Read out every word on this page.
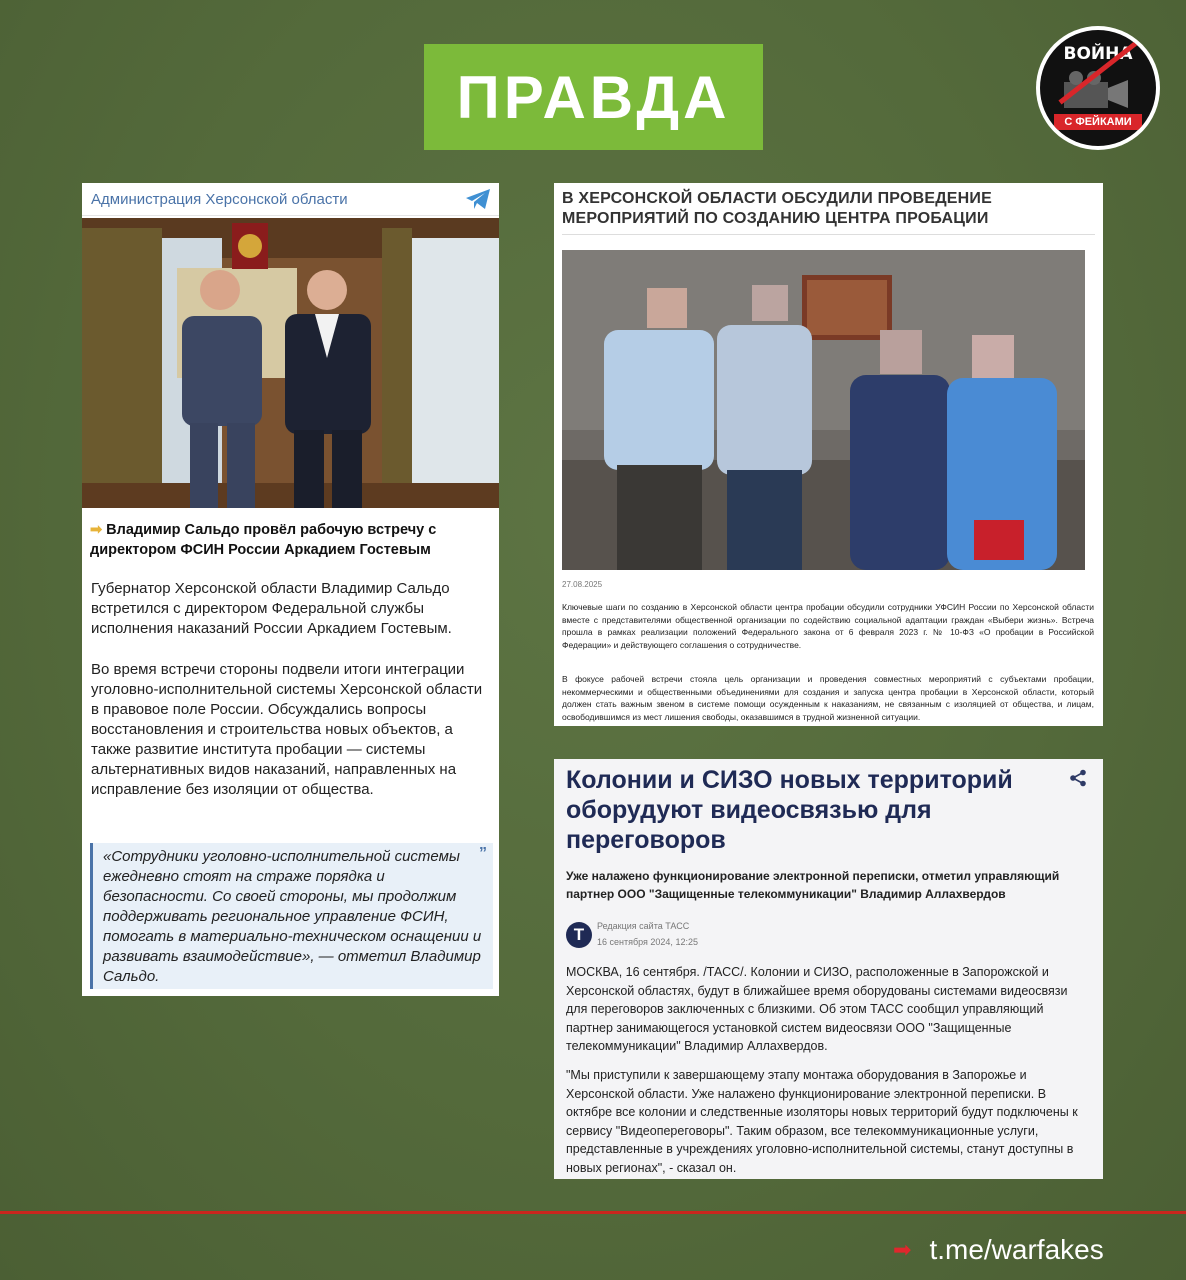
ПРАВДА
ВОЙНА
С ФЕЙКАМИ
Администрация Херсонской области
➡ Владимир Сальдо провёл рабочую встречу с директором ФСИН России Аркадием Гостевым

Губернатор Херсонской области Владимир Сальдо встретился с директором Федеральной службы исполнения наказаний России Аркадием Гостевым.

Во время встречи стороны подвели итоги интеграции уголовно-исполнительной системы Херсонской области в правовое поле России. Обсуждались вопросы восстановления и строительства новых объектов, а также развитие института пробации — системы альтернативных видов наказаний, направленных на исправление без изоляции от общества.

”

«Сотрудники уголовно-исполнительной системы ежедневно стоят на страже порядка и безопасности. Со своей стороны, мы продолжим поддерживать региональное управление ФСИН, помогать в материально-техническом оснащении и развивать взаимодействие», — отметил Владимир Сальдо.

В ХЕРСОНСКОЙ ОБЛАСТИ ОБСУДИЛИ ПРОВЕДЕНИЕ МЕРОПРИЯТИЙ ПО СОЗДАНИЮ ЦЕНТРА ПРОБАЦИИ
27.08.2025

Ключевые шаги по созданию в Херсонской области центра пробации обсудили сотрудники УФСИН России по Херсонской области вместе с представителями общественной организации по содействию социальной адаптации граждан «Выбери жизнь». Встреча прошла в рамках реализации положений Федерального закона от 6 февраля 2023 г. № 10-ФЗ «О пробации в Российской Федерации» и действующего соглашения о сотрудничестве.

В фокусе рабочей встречи стояла цель организации и проведения совместных мероприятий с субъектами пробации, некоммерческими и общественными объединениями для создания и запуска центра пробации в Херсонской области, который должен стать важным звеном в системе помощи осужденным к наказаниям, не связанным с изоляцией от общества, и лицам, освободившимся из мест лишения свободы, оказавшимся в трудной жизненной ситуации.

Колонии и СИЗО новых территорий оборудуют видеосвязью для переговоров
Уже налажено функционирование электронной переписки, отметил управляющий партнер ООО "Защищенные телекоммуникации" Владимир Аллахвердов
Т	Редакция сайта ТАСС
16 сентября 2024, 12:25

МОСКВА, 16 сентября. /ТАСС/. Колонии и СИЗО, расположенные в Запорожской и Херсонской областях, будут в ближайшее время оборудованы системами видеосвязи для переговоров заключенных с близкими. Об этом ТАСС сообщил управляющий партнер занимающегося установкой систем видеосвязи ООО "Защищенные телекоммуникации" Владимир Аллахвердов.

"Мы приступили к завершающему этапу монтажа оборудования в Запорожье и Херсонской области. Уже налажено функционирование электронной переписки. В октябре все колонии и следственные изоляторы новых территорий будут подключены к сервису "Видеопереговоры". Таким образом, все телекоммуникационные услуги, представленные в учреждениях уголовно-исполнительной системы, станут доступны в новых регионах", - сказал он.

➡ t.me/warfakes
